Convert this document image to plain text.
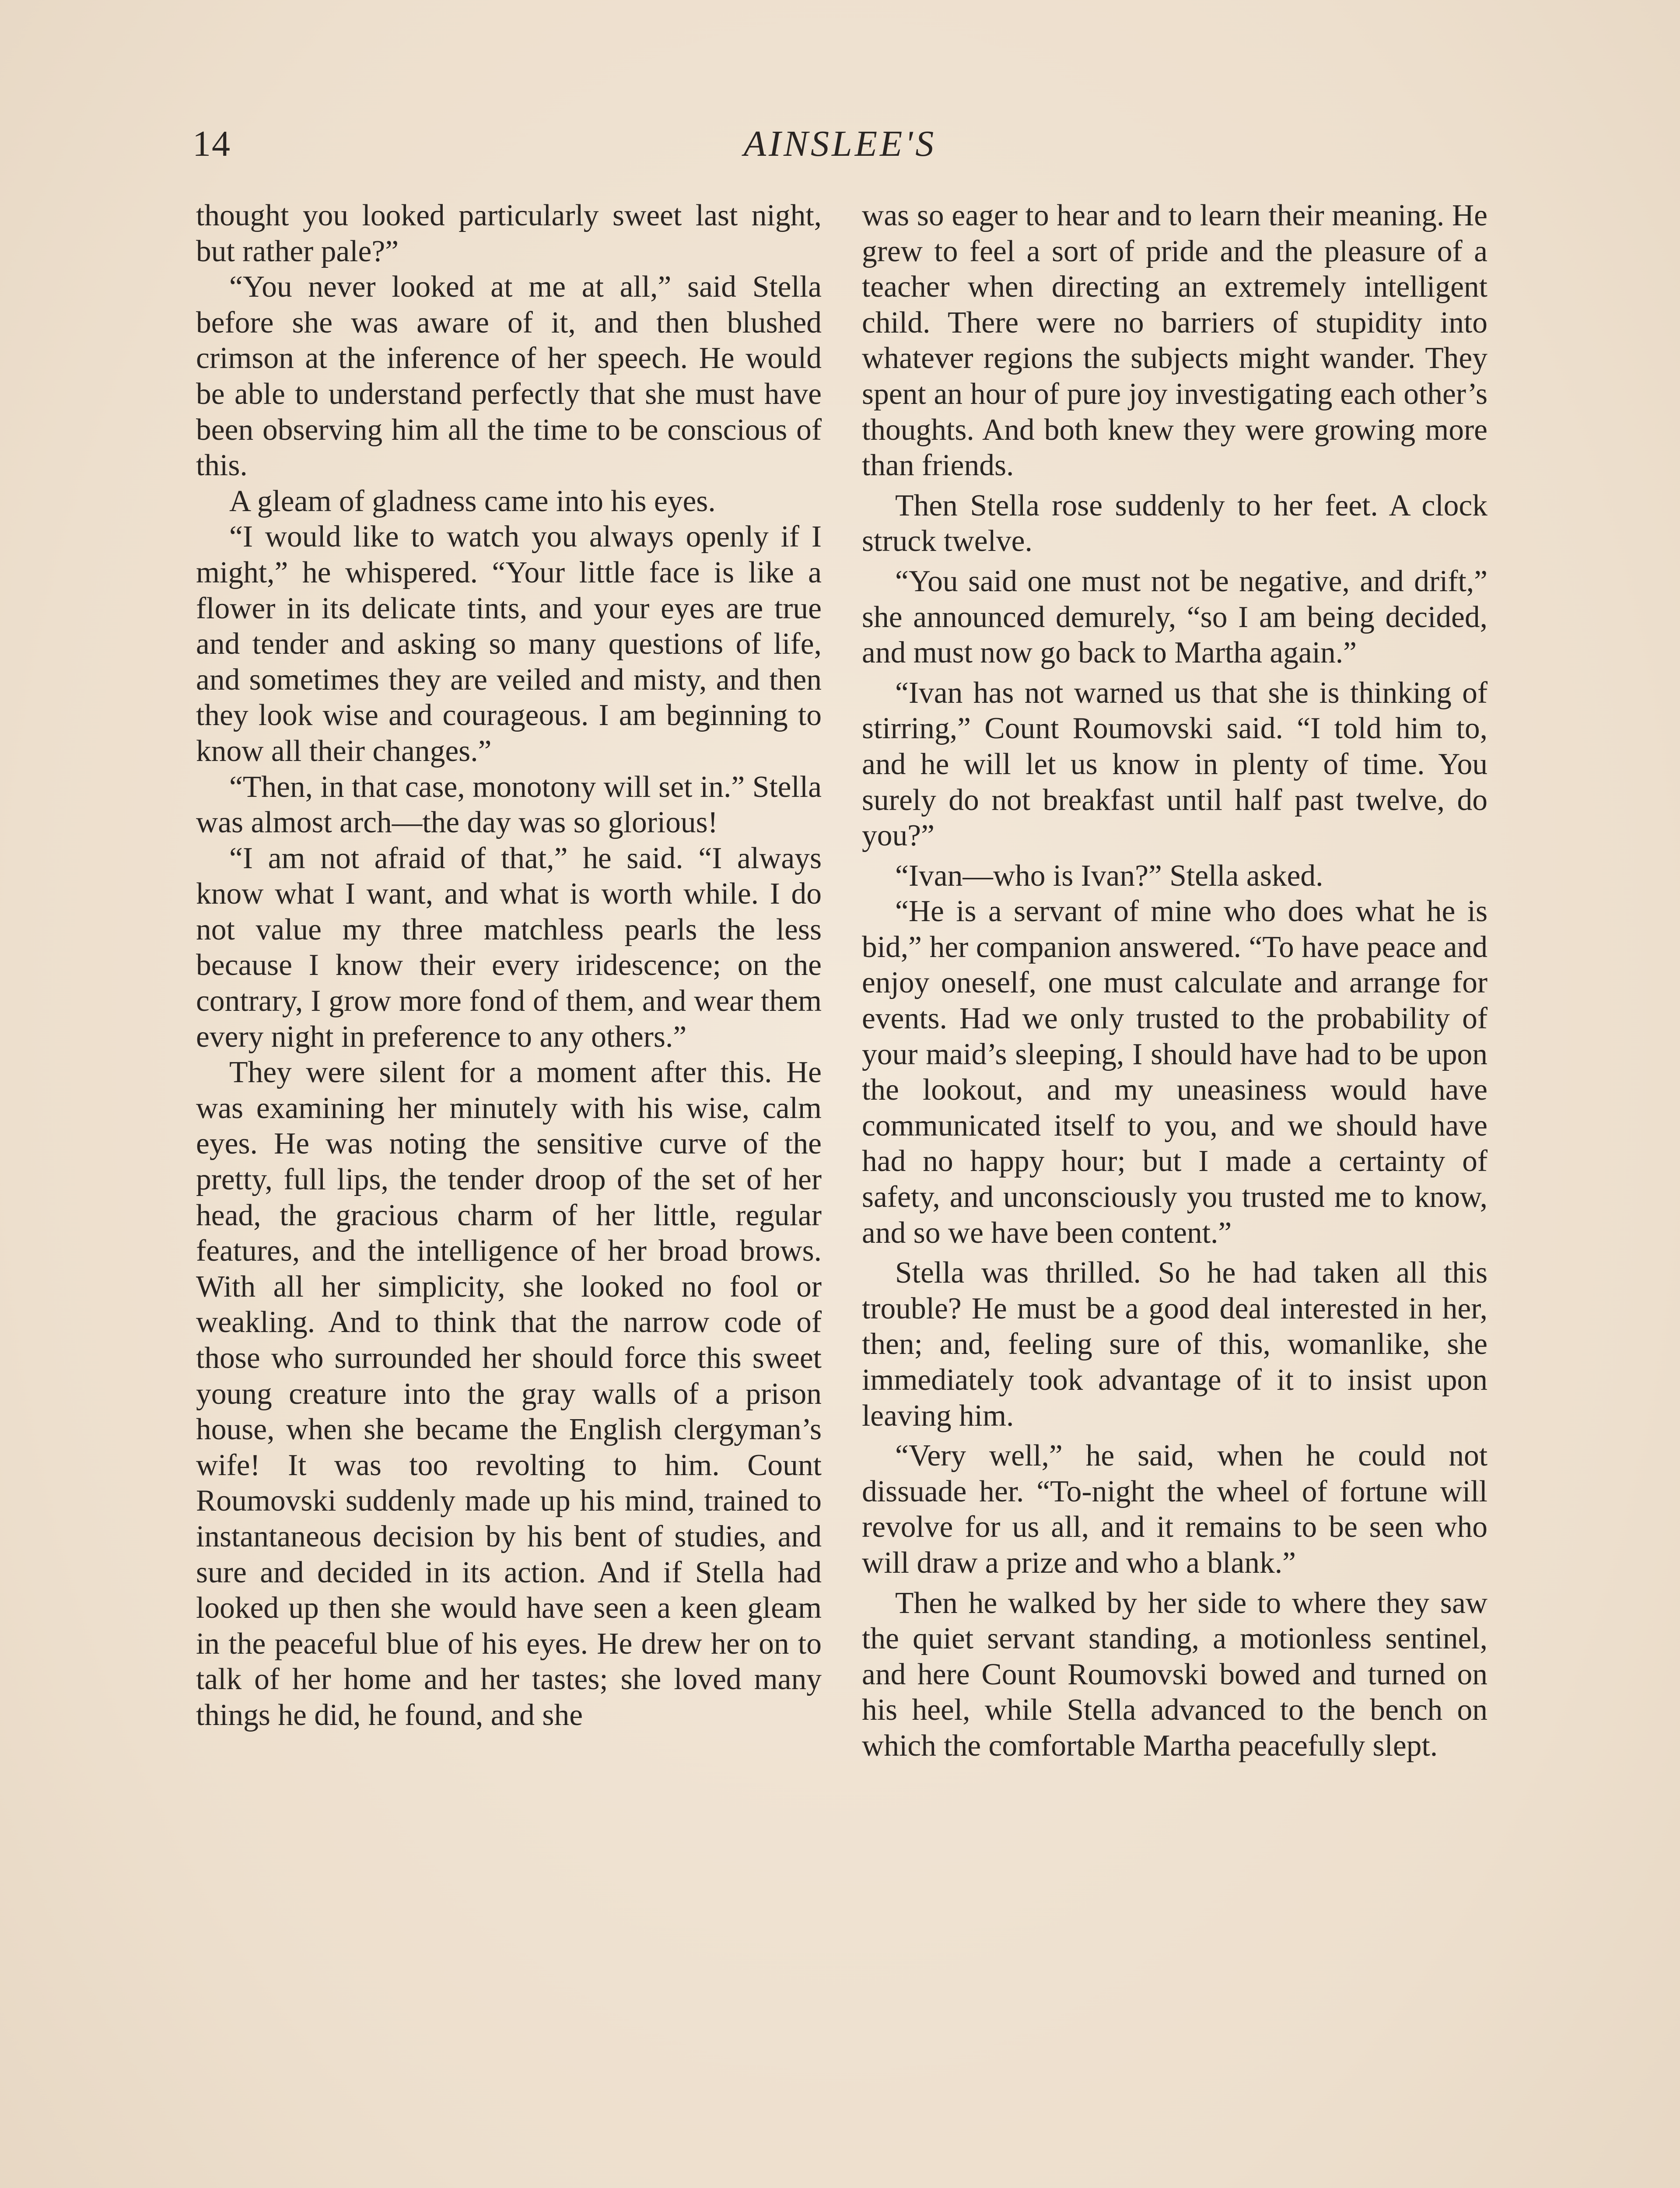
14	AINSLEE'S

thought you looked particularly sweet last night, but rather pale?”

“You never looked at me at all,” said Stella before she was aware of it, and then blushed crimson at the inference of her speech. He would be able to understand perfectly that she must have been observing him all the time to be conscious of this.

A gleam of gladness came into his eyes.

“I would like to watch you always openly if I might,” he whispered. “Your little face is like a flower in its delicate tints, and your eyes are true and tender and asking so many questions of life, and sometimes they are veiled and misty, and then they look wise and courageous. I am beginning to know all their changes.”

“Then, in that case, monotony will set in.” Stella was almost arch—the day was so glorious!

“I am not afraid of that,” he said. “I always know what I want, and what is worth while. I do not value my three matchless pearls the less because I know their every iridescence; on the contrary, I grow more fond of them, and wear them every night in preference to any others.”

They were silent for a moment after this. He was examining her minutely with his wise, calm eyes. He was noting the sensitive curve of the pretty, full lips, the tender droop of the set of her head, the gracious charm of her little, regular features, and the intelligence of her broad brows. With all her simplicity, she looked no fool or weakling. And to think that the narrow code of those who surrounded her should force this sweet young creature into the gray walls of a prison house, when she became the English clergyman’s wife! It was too revolting to him. Count Roumovski suddenly made up his mind, trained to instantaneous decision by his bent of studies, and sure and decided in its action. And if Stella had looked up then she would have seen a keen gleam in the peaceful blue of his eyes. He drew her on to talk of her home and her tastes; she loved many things he did, he found, and she

was so eager to hear and to learn their meaning. He grew to feel a sort of pride and the pleasure of a teacher when directing an extremely intelligent child. There were no barriers of stupidity into whatever regions the subjects might wander. They spent an hour of pure joy investigating each other’s thoughts. And both knew they were growing more than friends.

Then Stella rose suddenly to her feet. A clock struck twelve.

“You said one must not be negative, and drift,” she announced demurely, “so I am being decided, and must now go back to Martha again.”

“Ivan has not warned us that she is thinking of stirring,” Count Roumovski said. “I told him to, and he will let us know in plenty of time. You surely do not breakfast until half past twelve, do you?”

“Ivan—who is Ivan?” Stella asked.

“He is a servant of mine who does what he is bid,” her companion answered. “To have peace and enjoy oneself, one must calculate and arrange for events. Had we only trusted to the probability of your maid’s sleeping, I should have had to be upon the lookout, and my uneasiness would have communicated itself to you, and we should have had no happy hour; but I made a certainty of safety, and unconsciously you trusted me to know, and so we have been content.”

Stella was thrilled. So he had taken all this trouble? He must be a good deal interested in her, then; and, feeling sure of this, womanlike, she immediately took advantage of it to insist upon leaving him.

“Very well,” he said, when he could not dissuade her. “To-night the wheel of fortune will revolve for us all, and it remains to be seen who will draw a prize and who a blank.”

Then he walked by her side to where they saw the quiet servant standing, a motionless sentinel, and here Count Roumovski bowed and turned on his heel, while Stella advanced to the bench on which the comfortable Martha peacefully slept.
